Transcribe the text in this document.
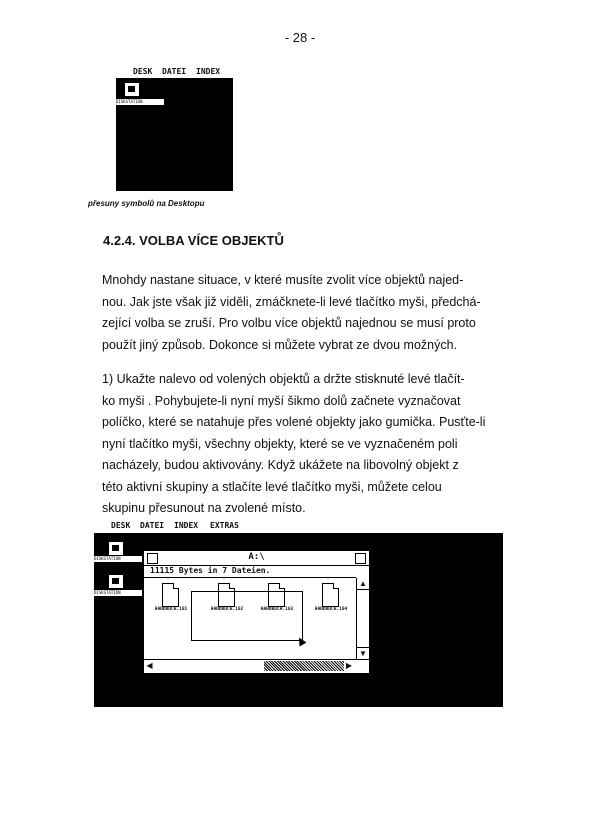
- 28 -
DESK DATEI INDEX
DISKSTATION
přesuny symbolů na Desktopu
4.2.4. VOLBA VÍCE OBJEKTŮ
Mnohdy nastane situace, v které musíte zvolit více objektů najed-
nou. Jak jste však již viděli, zmáčknete-li levé tlačítko myši, předchá-
zející volba se zruší. Pro volbu více objektů najednou se musí proto
použít jiný způsob. Dokonce si můžete vybrat ze dvou možných.
1) Ukažte nalevo od volených objektů a držte stisknuté levé tlačít-
ko myši . Pohybujete-li nyní myší šikmo dolů začnete vyznačovat
políčko, které se natahuje přes volené objekty jako gumička. Pusťte-li
nyní tlačítko myši, všechny objekty, které se ve vyznačeném poli
nacházely, budou aktivovány. Když ukážete na libovolný objekt z
této aktivní skupiny a stlačíte levé tlačítko myši, můžete celou
skupinu přesunout na zvolené místo.
DESK DATEI INDEX EXTRAS
DISKSTATION
DISKSTATION
A:\
11115 Bytes in 7 Dateien.
HANDBUCH.101	HANDBUCH.102	HANDBUCH.103	HANDBUCH.104
▲
▼
◀	▶
